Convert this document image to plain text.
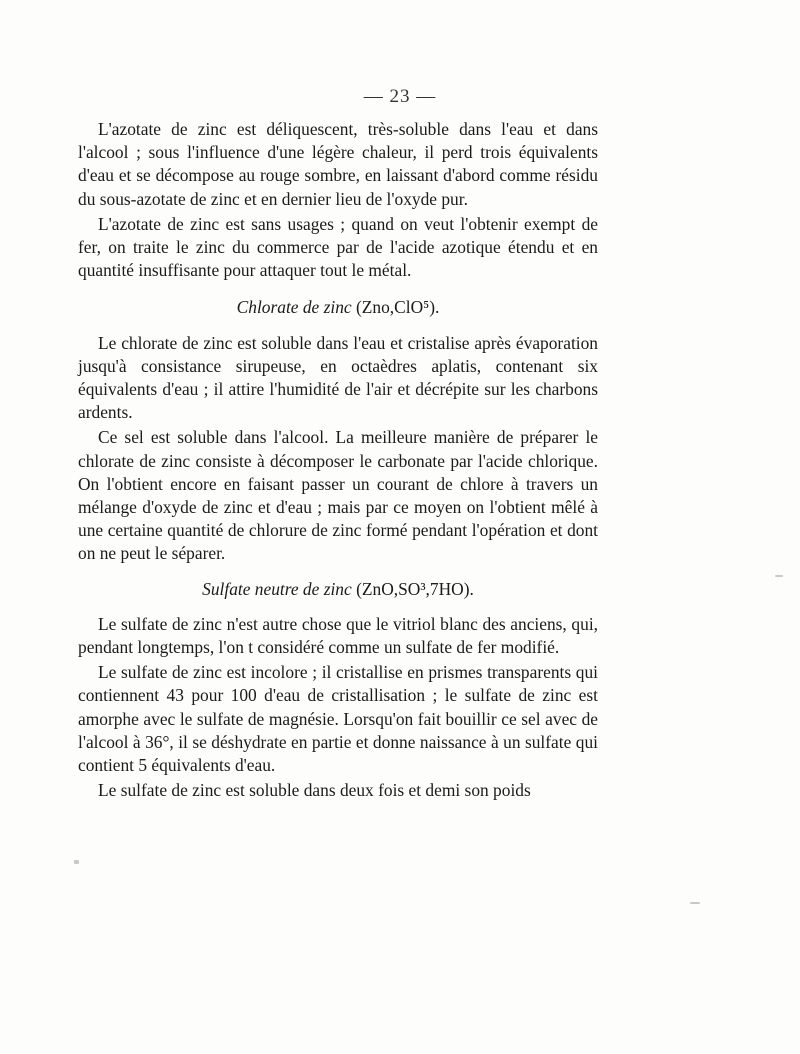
— 23 —

L'azotate de zinc est déliquescent, très-soluble dans l'eau et dans l'alcool ; sous l'influence d'une légère chaleur, il perd trois équivalents d'eau et se décompose au rouge sombre, en laissant d'abord comme résidu du sous-azotate de zinc et en dernier lieu de l'oxyde pur.

L'azotate de zinc est sans usages ; quand on veut l'obtenir exempt de fer, on traite le zinc du commerce par de l'acide azotique étendu et en quantité insuffisante pour attaquer tout le métal.

Chlorate de zinc (Zno,ClO⁵).

Le chlorate de zinc est soluble dans l'eau et cristalise après évaporation jusqu'à consistance sirupeuse, en octaèdres aplatis, contenant six équivalents d'eau ; il attire l'humidité de l'air et décrépite sur les charbons ardents.

Ce sel est soluble dans l'alcool. La meilleure manière de préparer le chlorate de zinc consiste à décomposer le carbonate par l'acide chlorique. On l'obtient encore en faisant passer un courant de chlore à travers un mélange d'oxyde de zinc et d'eau ; mais par ce moyen on l'obtient mêlé à une certaine quantité de chlorure de zinc formé pendant l'opération et dont on ne peut le séparer.

Sulfate neutre de zinc (ZnO,SO³,7HO).

Le sulfate de zinc n'est autre chose que le vitriol blanc des anciens, qui, pendant longtemps, l'on t considéré comme un sulfate de fer modifié.

Le sulfate de zinc est incolore ; il cristallise en prismes transparents qui contiennent 43 pour 100 d'eau de cristallisation ; le sulfate de zinc est amorphe avec le sulfate de magnésie. Lorsqu'on fait bouillir ce sel avec de l'alcool à 36°, il se déshydrate en partie et donne naissance à un sulfate qui contient 5 équivalents d'eau.

Le sulfate de zinc est soluble dans deux fois et demi son poids
